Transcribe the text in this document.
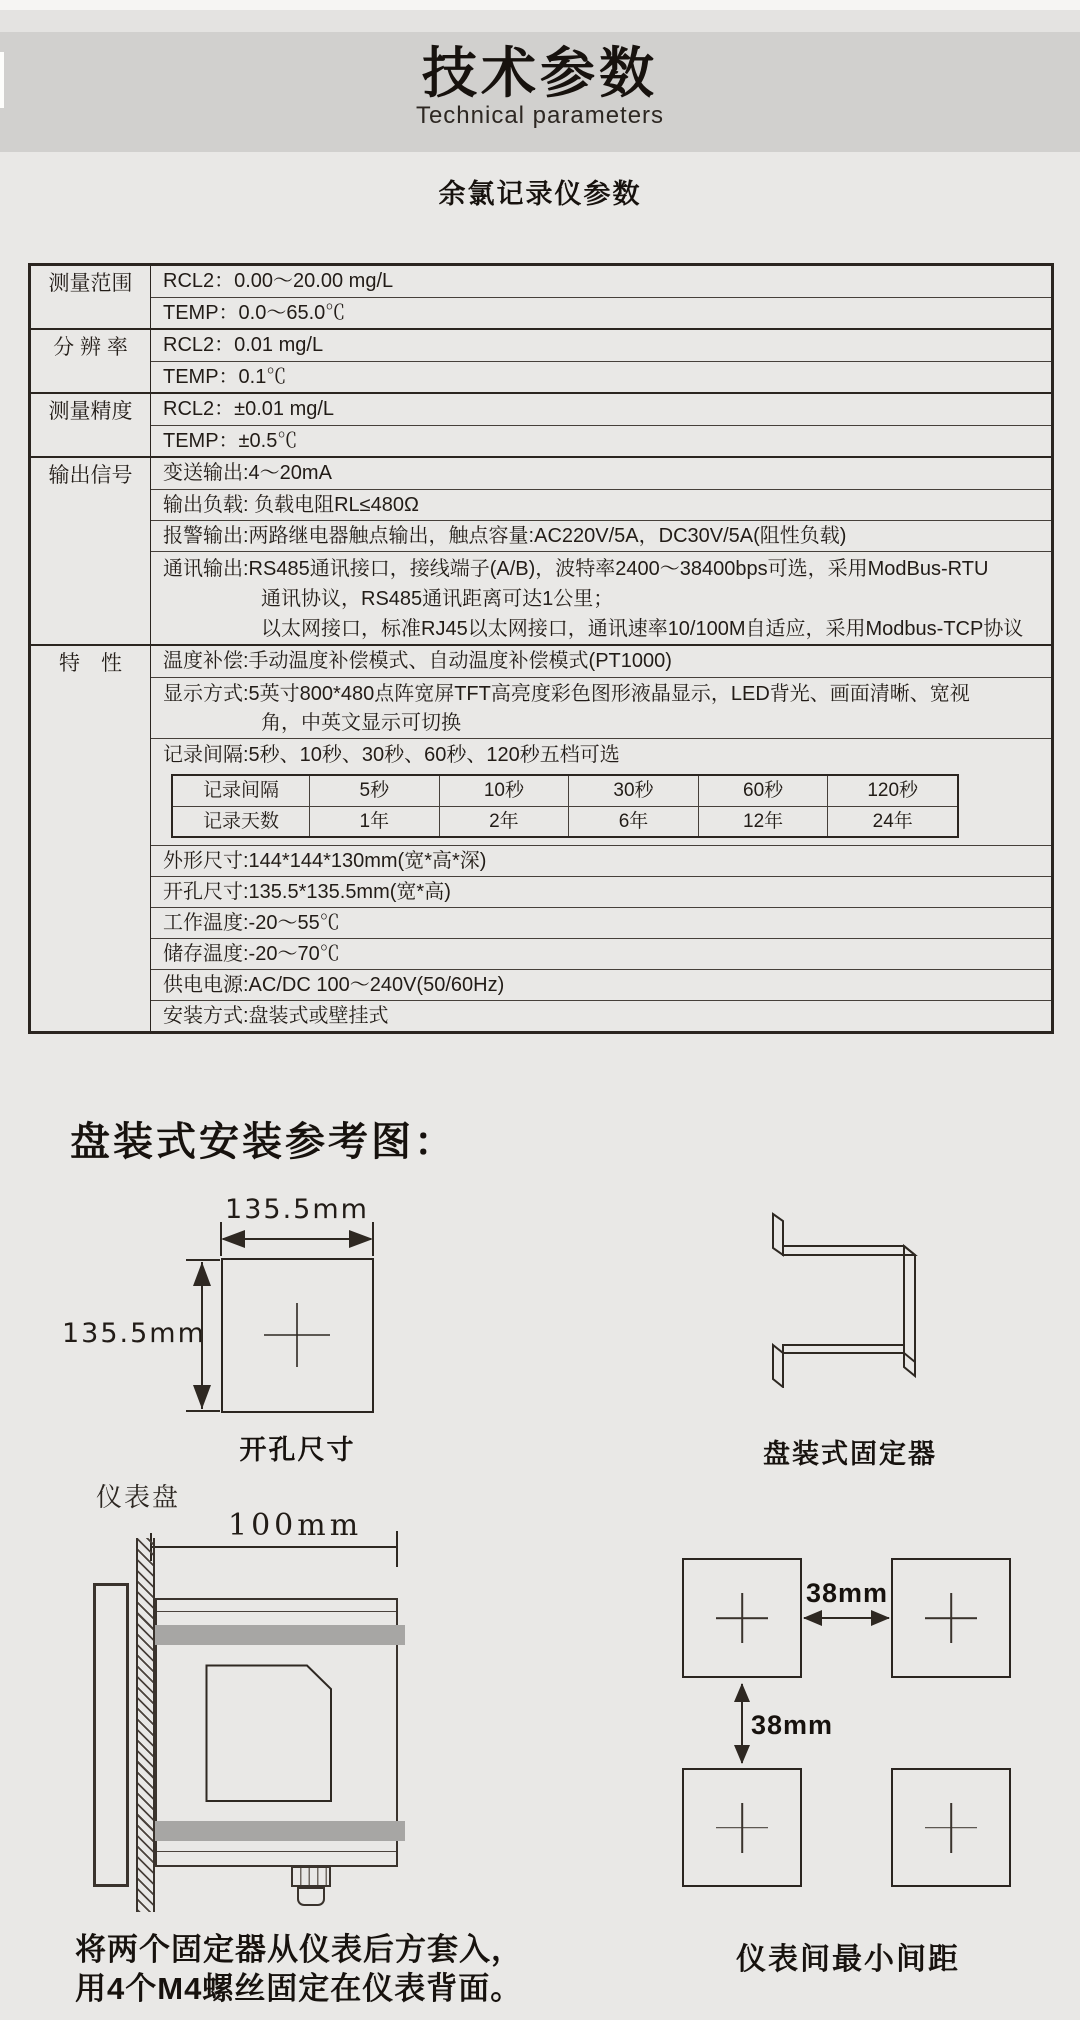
技术参数
Technical parameters
余氯记录仪参数
测量范围	RCL2：0.00～20.00 mg/L
TEMP：0.0～65.0℃
分 辨 率	RCL2：0.01 mg/L
TEMP：0.1℃
测量精度	RCL2：±0.01 mg/L
TEMP：±0.5℃
输出信号	变送输出:4～20mA
输出负载: 负载电阻RL≤480Ω
报警输出:两路继电器触点输出，触点容量:AC220V/5A，DC30V/5A(阻性负载)
通讯输出:RS485通讯接口，接线端子(A/B)，波特率2400～38400bps可选，采用ModBus-RTU
通讯协议，RS485通讯距离可达1公里；
以太网接口，标准RJ45以太网接口，通讯速率10/100M自适应，采用Modbus-TCP协议
特　性	温度补偿:手动温度补偿模式、自动温度补偿模式(PT1000)
显示方式:5英寸800*480点阵宽屏TFT高亮度彩色图形液晶显示，LED背光、画面清晰、宽视
角，中英文显示可切换
记录间隔:5秒、10秒、30秒、60秒、120秒五档可选
记录间隔	5秒	10秒	30秒	60秒	120秒
记录天数	1年	2年	6年	12年	24年
外形尺寸:144*144*130mm(宽*高*深)
开孔尺寸:135.5*135.5mm(宽*高)
工作温度:-20～55℃
储存温度:-20～70℃
供电电源:AC/DC 100～240V(50/60Hz)
安装方式:盘装式或壁挂式
盘装式安装参考图：
135.5mm
135.5mm
开孔尺寸	盘装式固定器
仪表盘
100mm
将两个固定器从仪表后方套入，
用4个M4螺丝固定在仪表背面。
38mm
38mm
仪表间最小间距
